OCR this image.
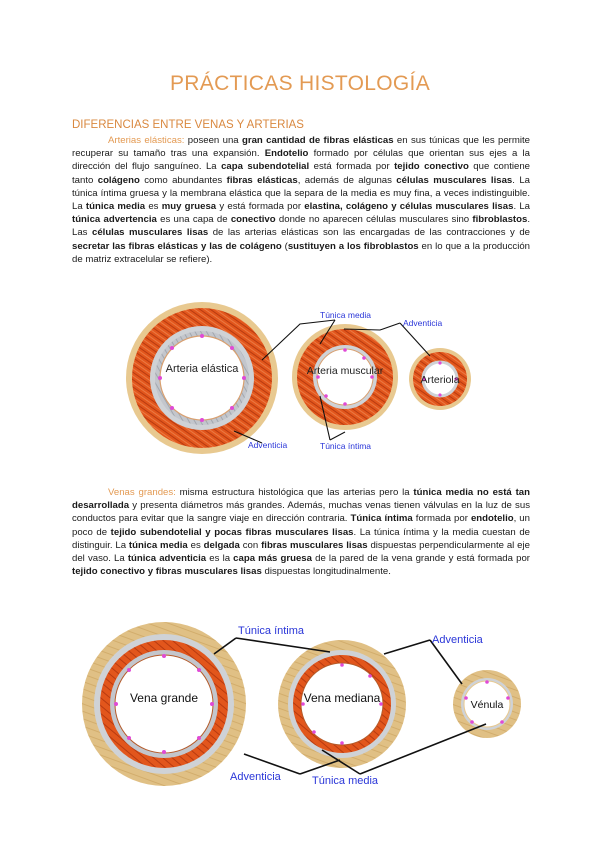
PRÁCTICAS HISTOLOGÍA
DIFERENCIAS ENTRE VENAS Y ARTERIAS
Arterias elásticas: poseen una gran cantidad de fibras elásticas en sus túnicas que les permite recuperar su tamaño tras una expansión. Endotelio formado por células que orientan sus ejes a la dirección del flujo sanguíneo. La capa subendotelial está formada por tejido conectivo que contiene tanto colágeno como abundantes fibras elásticas, además de algunas células musculares lisas. La túnica íntima gruesa y la membrana elástica que la separa de la media es muy fina, a veces indistinguible. La túnica media es muy gruesa y está formada por elastina, colágeno y células musculares lisas. La túnica advertencia es una capa de conectivo donde no aparecen células musculares sino fibroblastos. Las células musculares lisas de las arterias elásticas son las encargadas de las contracciones y de secretar las fibras elásticas y las de colágeno (sustituyen a los fibroblastos en lo que a la producción de matriz extracelular se refiere).
Arteria elástica	Arteria muscular
Arteriola
Túnica media
Adventicia
Adventicia	Túnica íntima
Venas grandes: misma estructura histológica que las arterias pero la túnica media no está tan desarrollada y presenta diámetros más grandes. Además, muchas venas tienen válvulas en la luz de sus conductos para evitar que la sangre viaje en dirección contraria. Túnica íntima formada por endotelio, un poco de tejido subendotelial y pocas fibras musculares lisas. La túnica íntima y la media cuestan de distinguir. La túnica media es delgada con fibras musculares lisas dispuestas perpendicularmente al eje del vaso. La túnica adventicia es la capa más gruesa de la pared de la vena grande y está formada por tejido conectivo y fibras musculares lisas dispuestas longitudinalmente.
Vena grande	Vena mediana	Vénula
Túnica íntima
Adventicia
Adventicia	Túnica media
